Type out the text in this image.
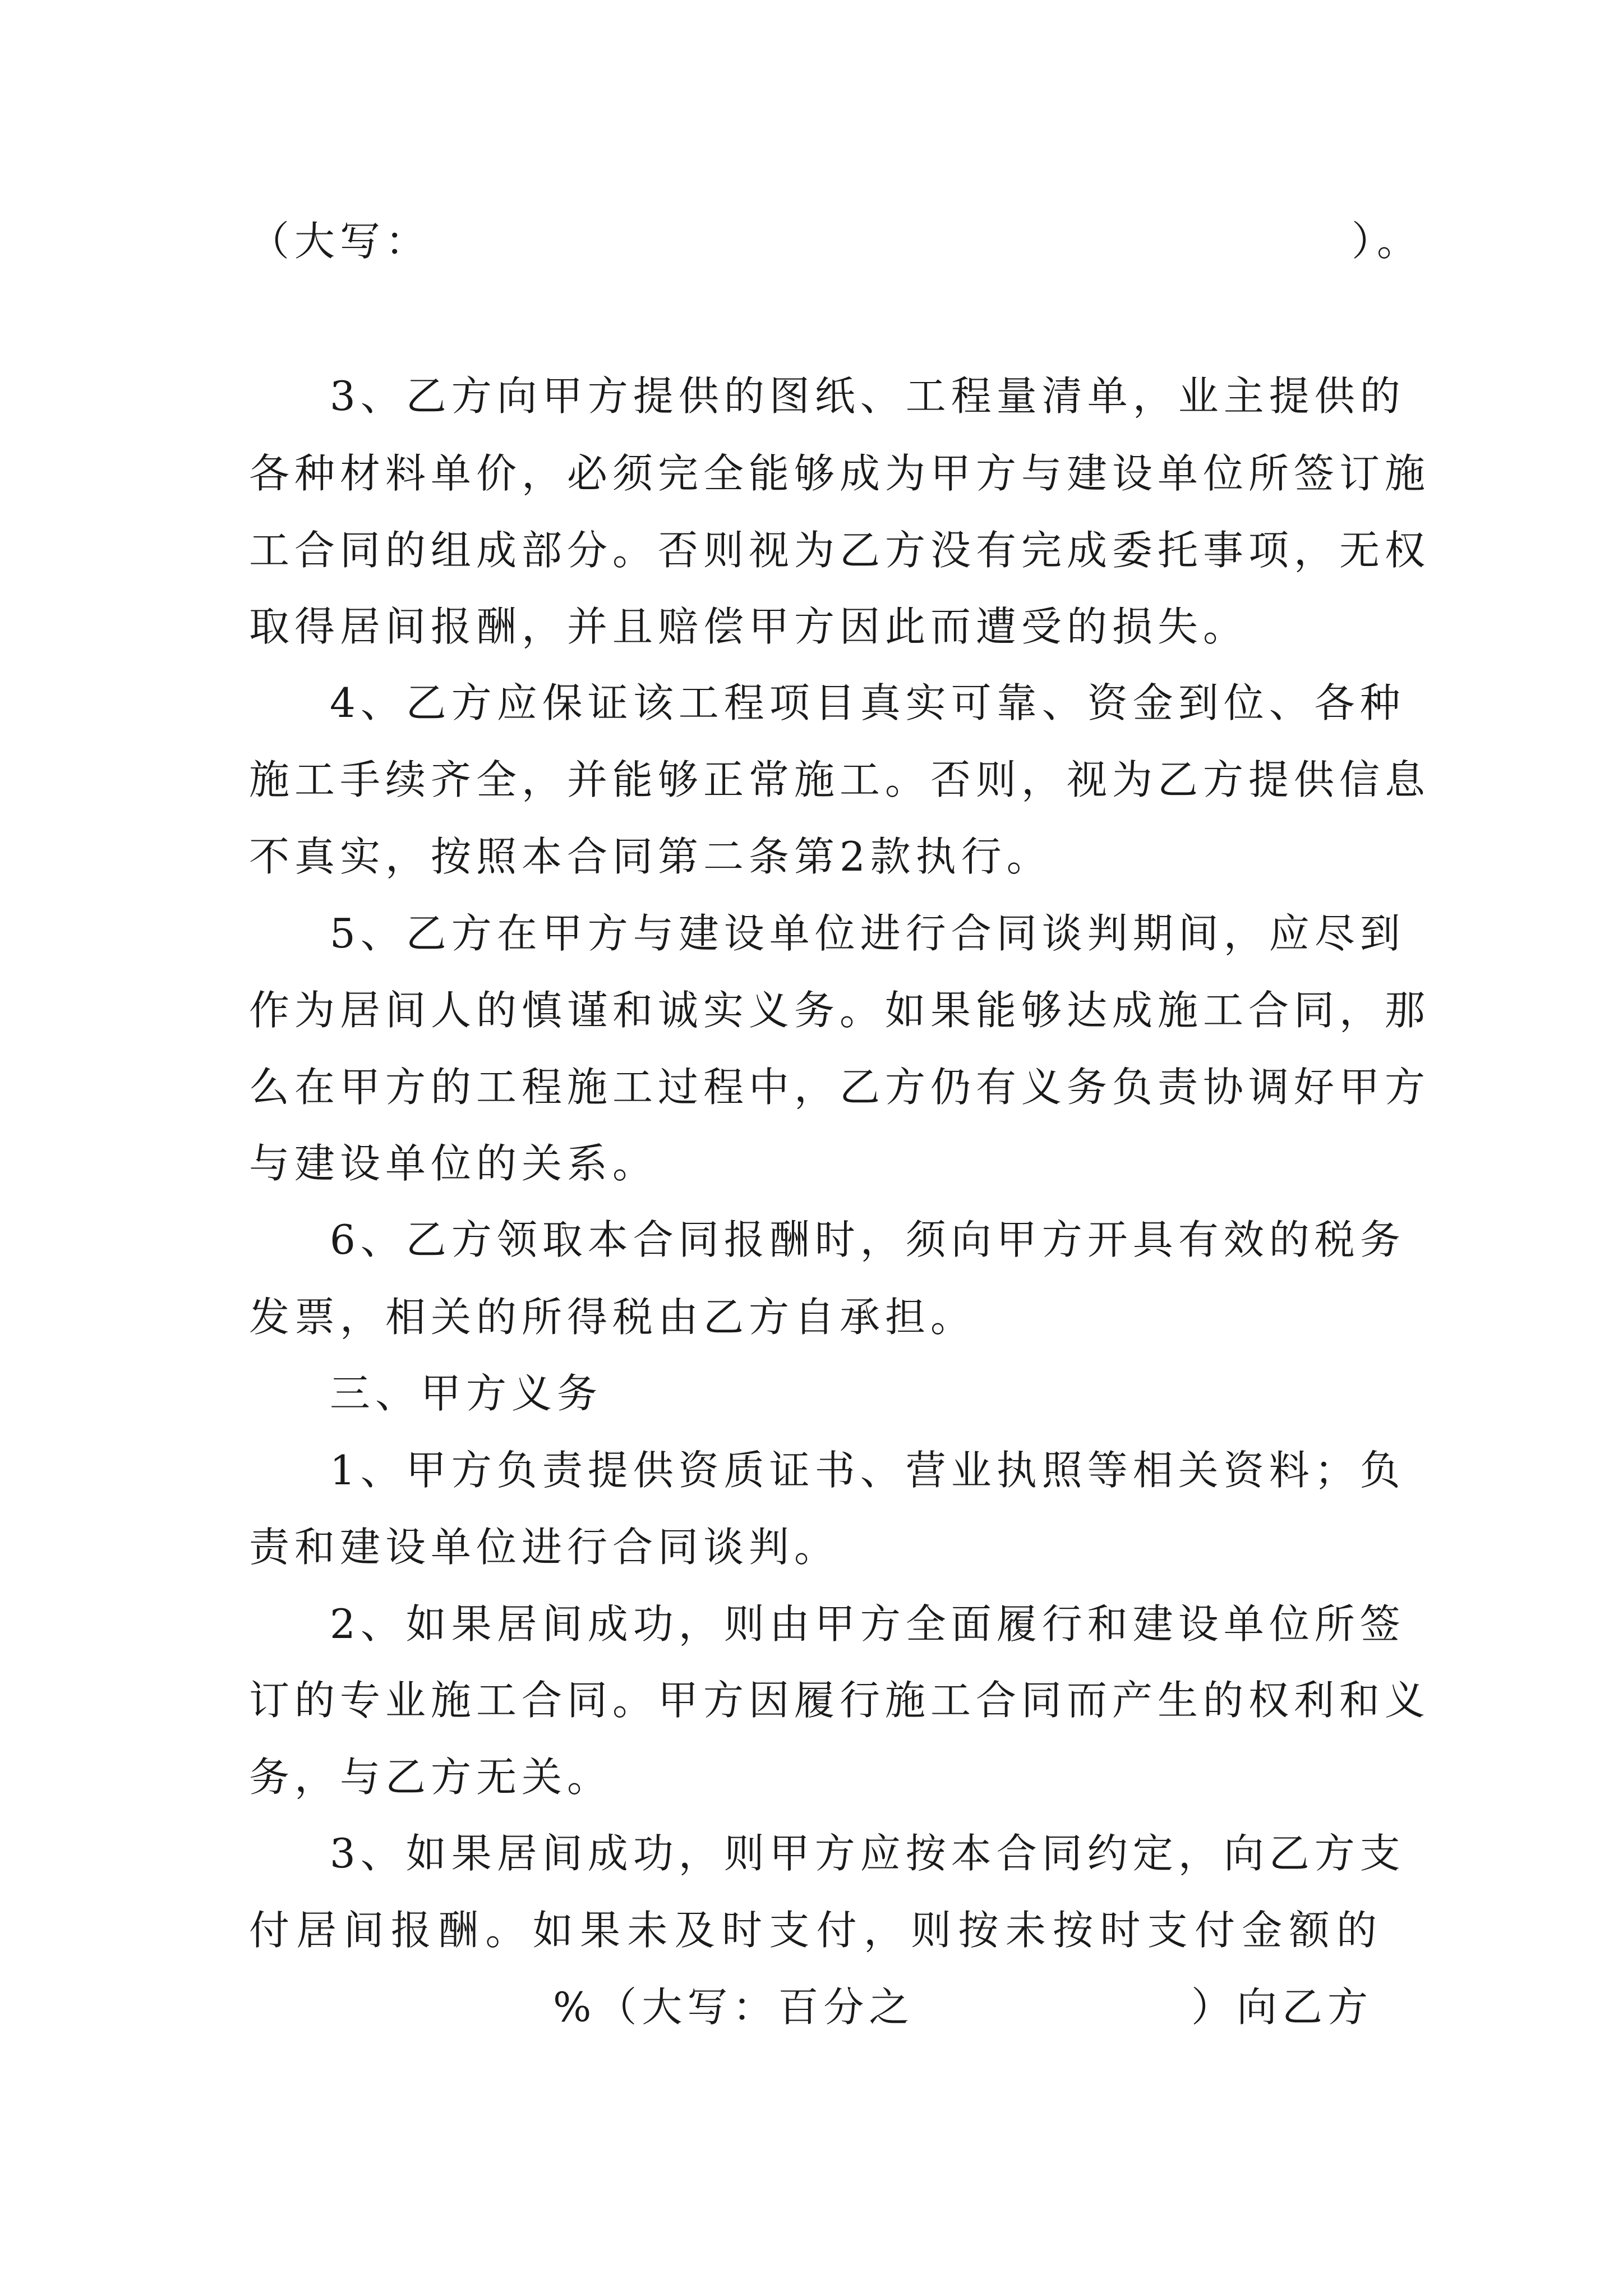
（大写：	）。
3、乙方向甲方提供的图纸、工程量清单，业主提供的
各种材料单价，必须完全能够成为甲方与建设单位所签订施
工合同的组成部分。否则视为乙方没有完成委托事项，无权
取得居间报酬，并且赔偿甲方因此而遭受的损失。
4、乙方应保证该工程项目真实可靠、资金到位、各种
施工手续齐全，并能够正常施工。否则，视为乙方提供信息
不真实，按照本合同第二条第2款执行。
5、乙方在甲方与建设单位进行合同谈判期间，应尽到
作为居间人的慎谨和诚实义务。如果能够达成施工合同，那
么在甲方的工程施工过程中，乙方仍有义务负责协调好甲方
与建设单位的关系。
6、乙方领取本合同报酬时，须向甲方开具有效的税务
发票，相关的所得税由乙方自承担。
三、甲方义务
1、甲方负责提供资质证书、营业执照等相关资料；负
责和建设单位进行合同谈判。
2、如果居间成功，则由甲方全面履行和建设单位所签
订的专业施工合同。甲方因履行施工合同而产生的权利和义
务，与乙方无关。
3、如果居间成功，则甲方应按本合同约定，向乙方支
付居间报酬。如果未及时支付，则按未按时支付金额的
%（大写：百分之	）向乙方
